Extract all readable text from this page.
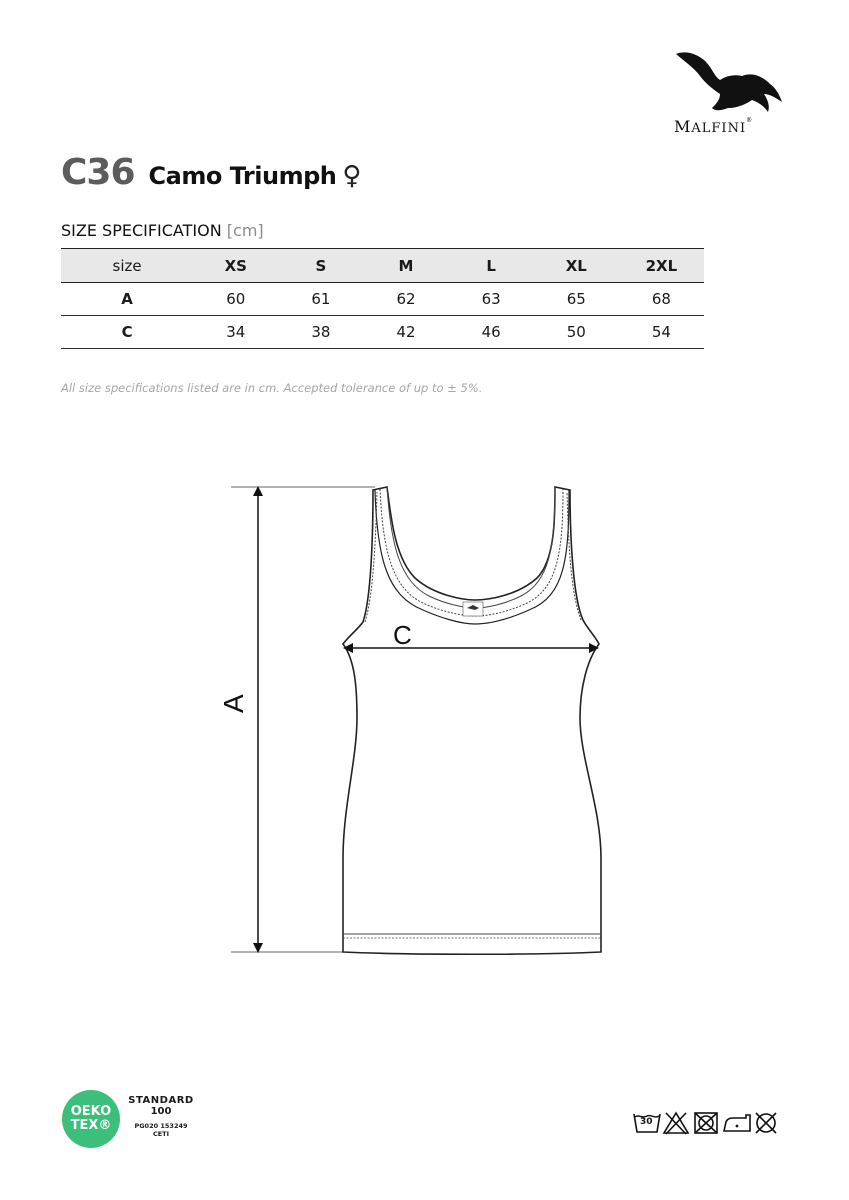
MALFINI®
C36 Camo Triumph ♀
SIZE SPECIFICATION [cm]
size	XS	S	M	L	XL	2XL
A	60	61	62	63	65	68
C	34	38	42	46	50	54
All size specifications listed are in cm. Accepted tolerance of up to ± 5%.
A
C
OEKO
TEX®
STANDARD
100
PG020 153249
CETI
30
